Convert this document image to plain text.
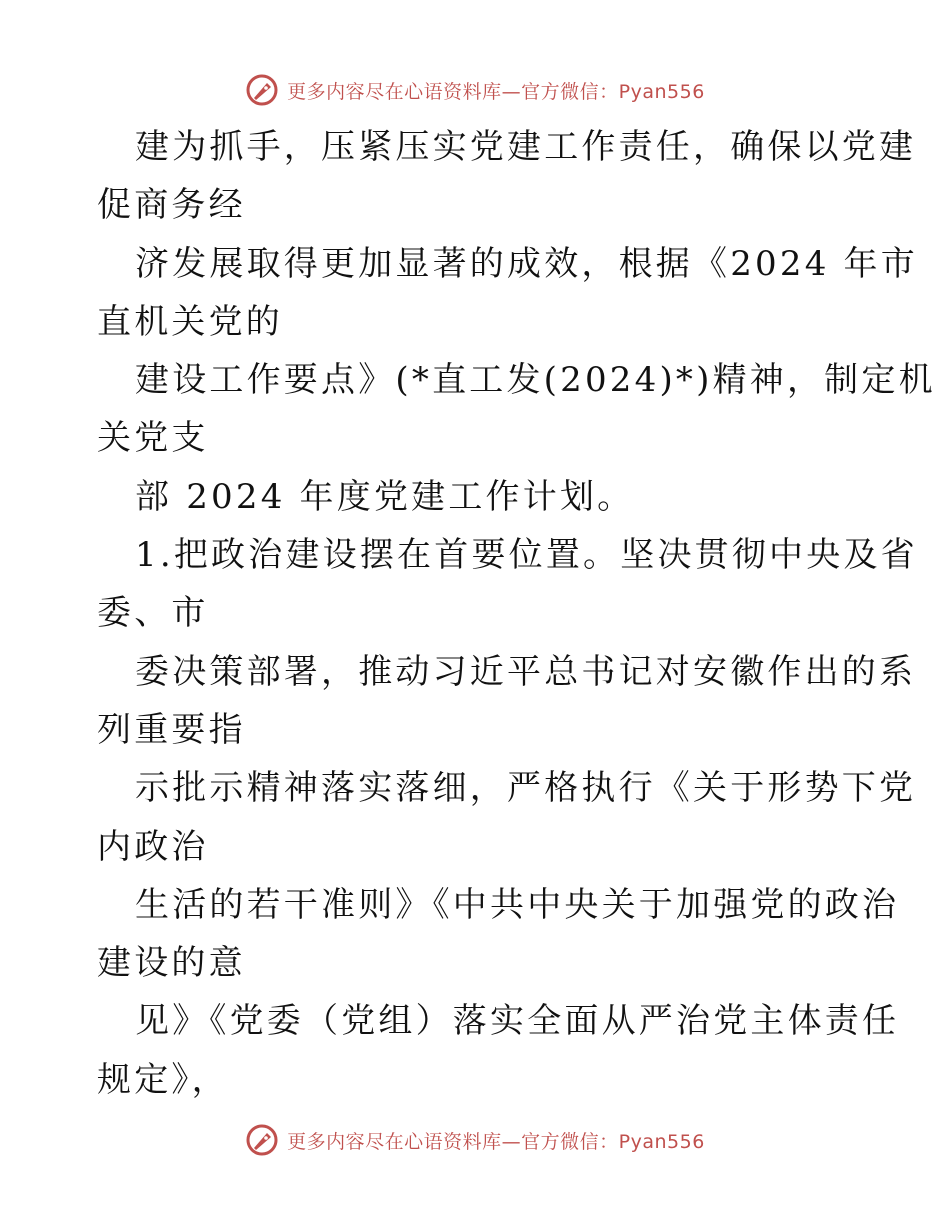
更多内容尽在心语资料库—官方微信：Pyan556
建为抓手，压紧压实党建工作责任，确保以党建
促商务经
济发展取得更加显著的成效，根据《2024 年市
直机关党的
建设工作要点》(*直工发(2024)*)精神，制定机
关党支
部 2024 年度党建工作计划。
1.把政治建设摆在首要位置。坚决贯彻中央及省
委、市
委决策部署，推动习近平总书记对安徽作出的系
列重要指
示批示精神落实落细，严格执行《关于形势下党
内政治
生活的若干准则》《中共中央关于加强党的政治
建设的意
见》《党委（党组）落实全面从严治党主体责任
规定》，
更多内容尽在心语资料库—官方微信：Pyan556
